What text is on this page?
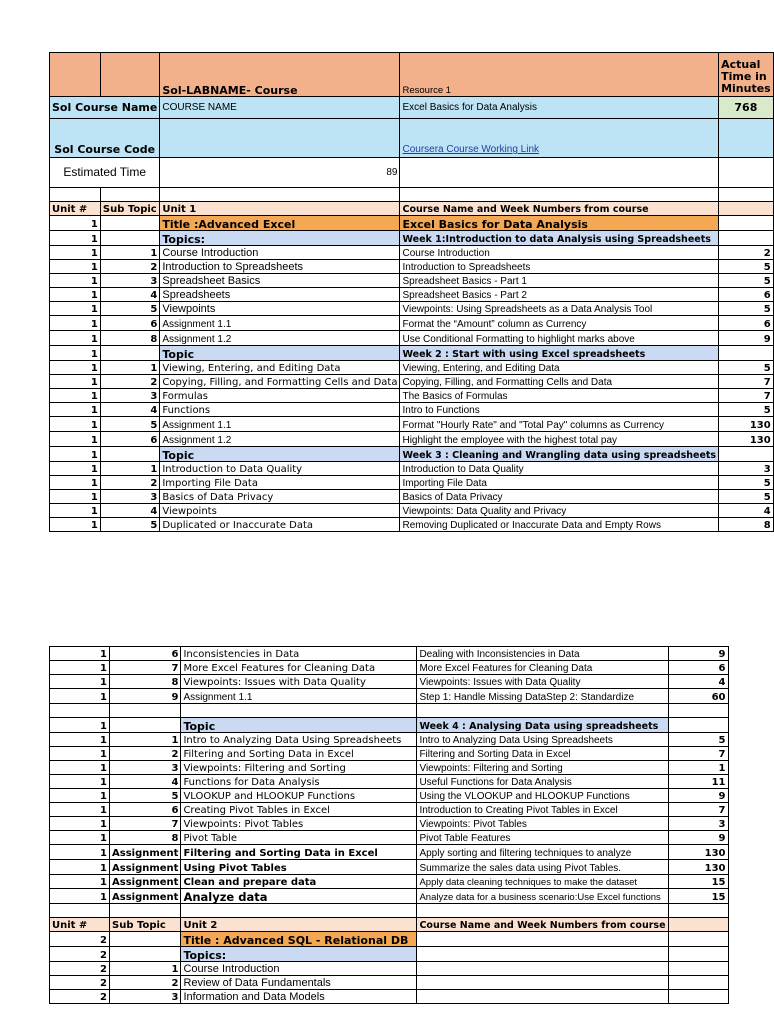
		Sol-LABNAME- Course	Resource 1	Actual Time in Minutes
Sol Course Name		COURSE NAME	Excel Basics for Data Analysis	768
Sol Course Code			Coursera Course Working Link	
Estimated Time		89		

Unit #	Sub Topic	Unit 1	Course Name and Week Numbers from course	
1		Title :Advanced Excel	Excel Basics for Data Analysis	
1		Topics:	Week 1:Introduction to data Analysis using Spreadsheets	
1	1	Course Introduction	Course Introduction	2
1	2	Introduction to Spreadsheets	Introduction to Spreadsheets	5
1	3	Spreadsheet Basics	Spreadsheet Basics - Part 1	5
1	4	Spreadsheets	Spreadsheet Basics - Part 2	6
1	5	Viewpoints	Viewpoints: Using Spreadsheets as a Data Analysis Tool	5
1	6	Assignment 1.1	Format the “Amount” column as Currency	6
1	8	Assignment 1.2	Use Conditional Formatting to highlight marks above	9
1		Topic	Week 2 : Start with using Excel spreadsheets	
1	1	Viewing, Entering, and Editing Data	Viewing, Entering, and Editing Data	5
1	2	Copying, Filling, and Formatting Cells and Data	Copying, Filling, and Formatting Cells and Data	7
1	3	Formulas	The Basics of Formulas	7
1	4	Functions	Intro to Functions	5
1	5	Assignment 1.1	Format "Hourly Rate" and "Total Pay" columns as Currency	130
1	6	Assignment 1.2	Highlight the employee with the highest total pay	130
1		Topic	Week 3 : Cleaning and Wrangling data using spreadsheets	
1	1	Introduction to Data Quality	Introduction to Data Quality	3
1	2	Importing File Data	Importing File Data	5
1	3	Basics of Data Privacy	Basics of Data Privacy	5
1	4	Viewpoints	Viewpoints: Data Quality and Privacy	4
1	5	Duplicated or Inaccurate Data	Removing Duplicated or Inaccurate Data and Empty Rows	8
1	6	Inconsistencies in Data	Dealing with Inconsistencies in Data	9
1	7	More Excel Features for Cleaning Data	More Excel Features for Cleaning Data	6
1	8	Viewpoints: Issues with Data Quality	Viewpoints: Issues with Data Quality	4
1	9	Assignment 1.1	Step 1: Handle Missing DataStep 2: Standardize	60

1		Topic	Week 4 : Analysing Data using spreadsheets	
1	1	Intro to Analyzing Data Using Spreadsheets	Intro to Analyzing Data Using Spreadsheets	5
1	2	Filtering and Sorting Data in Excel	Filtering and Sorting Data in Excel	7
1	3	Viewpoints: Filtering and Sorting	Viewpoints: Filtering and Sorting	1
1	4	Functions for Data Analysis	Useful Functions for Data Analysis	11
1	5	VLOOKUP and HLOOKUP Functions	Using the VLOOKUP and HLOOKUP Functions	9
1	6	Creating Pivot Tables in Excel	Introduction to Creating Pivot Tables in Excel	7
1	7	Viewpoints: Pivot Tables	Viewpoints: Pivot Tables	3
1	8	Pivot Table	Pivot Table Features	9
1	Assignment	Filtering and Sorting Data in Excel	Apply sorting and filtering techniques to analyze	130
1	Assignment	Using Pivot Tables	Summarize the sales data using Pivot Tables.	130
1	Assignment	Clean and prepare data	Apply data cleaning techniques to make the dataset	15
1	Assignment	Analyze data	Analyze data for a business scenario:Use Excel functions	15

Unit #	Sub Topic	Unit 2	Course Name and Week Numbers from course	
2		Title : Advanced SQL - Relational DB		
2		Topics:		
2	1	Course Introduction		
2	2	Review of Data Fundamentals		
2	3	Information and Data Models		
